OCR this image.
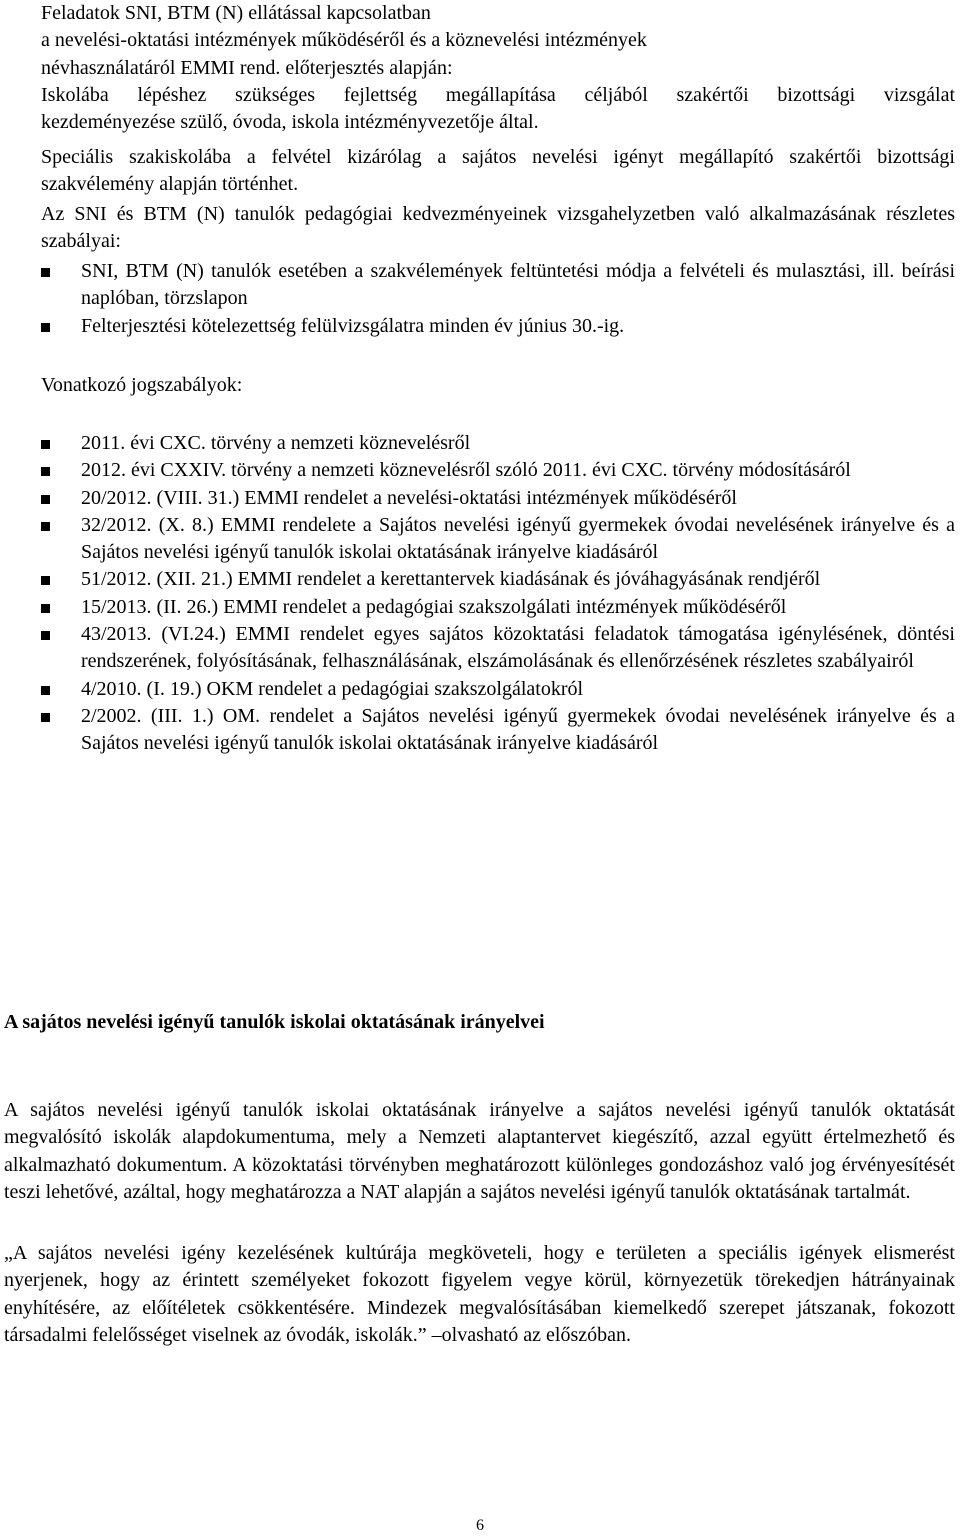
Feladatok SNI, BTM (N) ellátással kapcsolatban
a nevelési-oktatási intézmények működéséről és a köznevelési intézmények
névhasználatáról EMMI rend. előterjesztés alapján:
Iskolába lépéshez szükséges fejlettség megállapítása céljából szakértői bizottsági vizsgálat
kezdeményezése szülő, óvoda, iskola intézményvezetője által.
Speciális szakiskolába a felvétel kizárólag a sajátos nevelési igényt megállapító szakértői bizottsági szakvélemény alapján történhet.
Az SNI és BTM (N) tanulók pedagógiai kedvezményeinek vizsgahelyzetben való alkalmazásának részletes szabályai:
SNI, BTM (N) tanulók esetében a szakvélemények feltüntetési módja a felvételi és mulasztási, ill. beírási naplóban, törzslapon
Felterjesztési kötelezettség felülvizsgálatra minden év június 30.-ig.
Vonatkozó jogszabályok:
2011. évi CXC. törvény a nemzeti köznevelésről
2012. évi CXXIV. törvény a nemzeti köznevelésről szóló 2011. évi CXC. törvény módosításáról
20/2012. (VIII. 31.) EMMI rendelet a nevelési-oktatási intézmények működéséről
32/2012. (X. 8.) EMMI rendelete a Sajátos nevelési igényű gyermekek óvodai nevelésének irányelve és a Sajátos nevelési igényű tanulók iskolai oktatásának irányelve kiadásáról
51/2012. (XII. 21.) EMMI rendelet a kerettantervek kiadásának és jóváhagyásának rendjéről
15/2013. (II. 26.) EMMI rendelet a pedagógiai szakszolgálati intézmények működéséről
43/2013. (VI.24.) EMMI rendelet egyes sajátos közoktatási feladatok támogatása igénylésének, döntési rendszerének, folyósításának, felhasználásának, elszámolásának és ellenőrzésének részletes szabályairól
4/2010. (I. 19.) OKM rendelet a pedagógiai szakszolgálatokról
2/2002. (III. 1.) OM. rendelet a Sajátos nevelési igényű gyermekek óvodai nevelésének irányelve és a Sajátos nevelési igényű tanulók iskolai oktatásának irányelve kiadásáról
A sajátos nevelési igényű tanulók iskolai oktatásának irányelvei
A sajátos nevelési igényű tanulók iskolai oktatásának irányelve a sajátos nevelési igényű tanulók oktatását megvalósító iskolák alapdokumentuma, mely a Nemzeti alaptantervet kiegészítő, azzal együtt értelmezhető és alkalmazható dokumentum. A közoktatási törvényben meghatározott különleges gondozáshoz való jog érvényesítését teszi lehetővé, azáltal, hogy meghatározza a NAT alapján a sajátos nevelési igényű tanulók oktatásának tartalmát.
„A sajátos nevelési igény kezelésének kultúrája megköveteli, hogy e területen a speciális igények elismerést nyerjenek, hogy az érintett személyeket fokozott figyelem vegye körül, környezetük törekedjen hátrányainak enyhítésére, az előítéletek csökkentésére. Mindezek megvalósításában kiemelkedő szerepet játszanak, fokozott társadalmi felelősséget viselnek az óvodák, iskolák.” –olvasható az előszóban.
6
